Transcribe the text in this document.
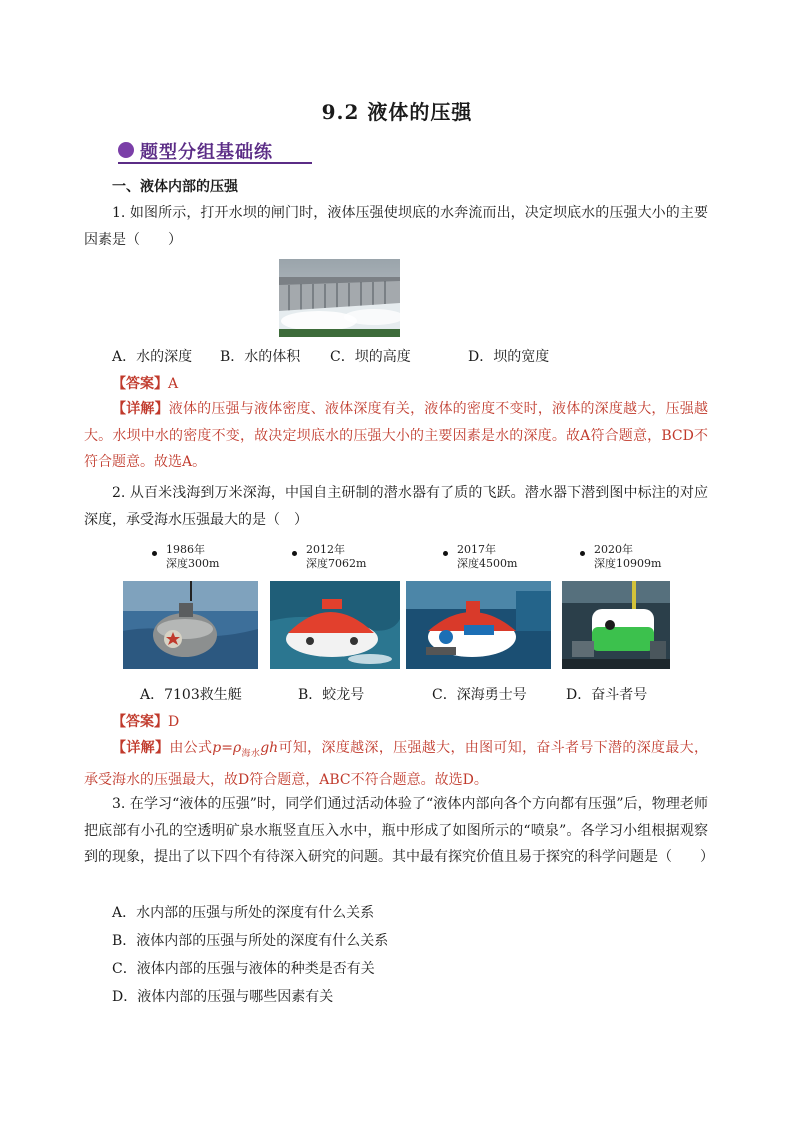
9.2 液体的压强
题型分组基础练
一、液体内部的压强
1. 如图所示，打开水坝的闸门时，液体压强使坝底的水奔流而出，决定坝底水的压强大小的主要因素是（　　）
A．水的深度 B．水的体积 C．坝的高度	D．坝的宽度
【答案】A
【详解】液体的压强与液体密度、液体深度有关，液体的密度不变时，液体的深度越大，压强越大。水坝中水的密度不变，故决定坝底水的压强大小的主要因素是水的深度。故A符合题意，BCD不符合题意。故选A。
2. 从百米浅海到万米深海，中国自主研制的潜水器有了质的飞跃。潜水器下潜到图中标注的对应深度，承受海水压强最大的是（　）
1986年
深度300m
2012年
深度7062m
2017年
深度4500m
2020年
深度10909m
A．7103救生艇	B．蛟龙号	C．深海勇士号	D．奋斗者号
【答案】D
【详解】由公式$p=\rho_{海水}gh$可知，深度越深，压强越大，由图可知，奋斗者号下潜的深度最大，承受海水的压强最大，故D符合题意，ABC不符合题意。故选D。
3. 在学习“液体的压强”时，同学们通过活动体验了“液体内部向各个方向都有压强”后，物理老师把底部有小孔的空透明矿泉水瓶竖直压入水中，瓶中形成了如图所示的“喷泉”。各学习小组根据观察到的现象，提出了以下四个有待深入研究的问题。其中最有探究价值且易于探究的科学问题是（　　）
A．水内部的压强与所处的深度有什么关系
B．液体内部的压强与所处的深度有什么关系
C．液体内部的压强与液体的种类是否有关
D．液体内部的压强与哪些因素有关
